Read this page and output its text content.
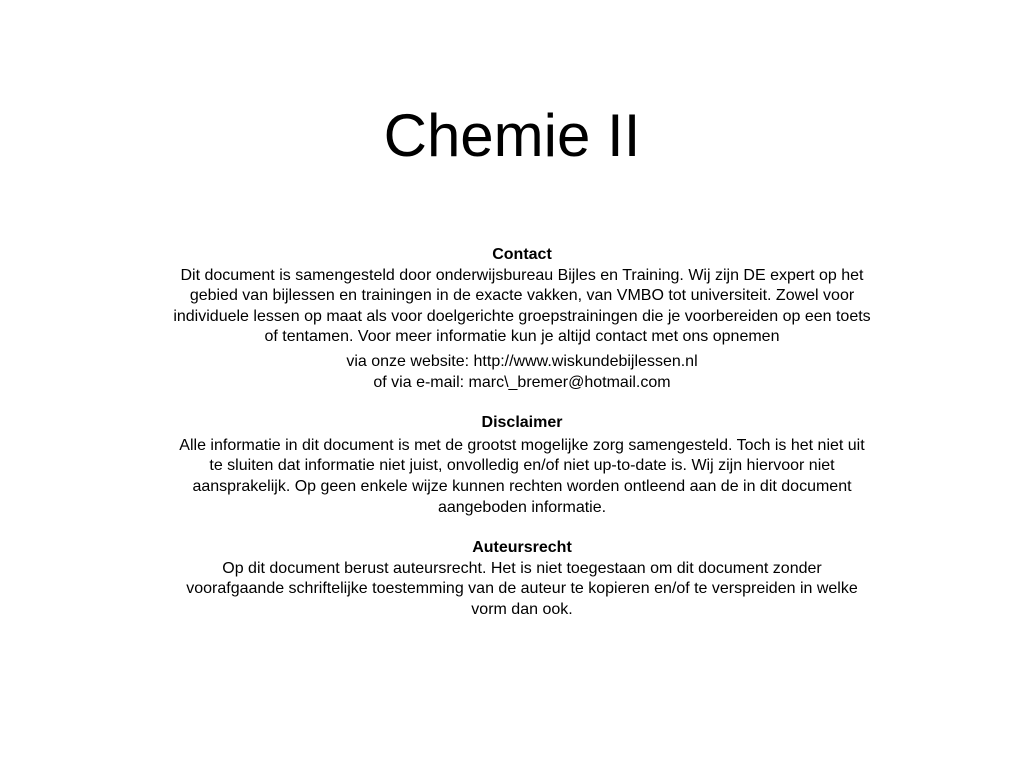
Chemie II
Contact
Dit document is samengesteld door onderwijsbureau Bijles en Training. Wij zijn DE expert op het gebied van bijlessen en trainingen in de exacte vakken, van VMBO tot universiteit. Zowel voor individuele lessen op maat als voor doelgerichte groepstrainingen die je voorbereiden op een toets of tentamen. Voor meer informatie kun je altijd contact met ons opnemen
via onze website: http://www.wiskundebijlessen.nl
of via e-mail: marc\_bremer@hotmail.com
Disclaimer
Alle informatie in dit document is met de grootst mogelijke zorg samengesteld. Toch is het niet uit te sluiten dat informatie niet juist, onvolledig en/of niet up-to-date is. Wij zijn hiervoor niet aansprakelijk. Op geen enkele wijze kunnen rechten worden ontleend aan de in dit document aangeboden informatie.
Auteursrecht
Op dit document berust auteursrecht. Het is niet toegestaan om dit document zonder voorafgaande schriftelijke toestemming van de auteur te kopieren en/of te verspreiden in welke vorm dan ook.
